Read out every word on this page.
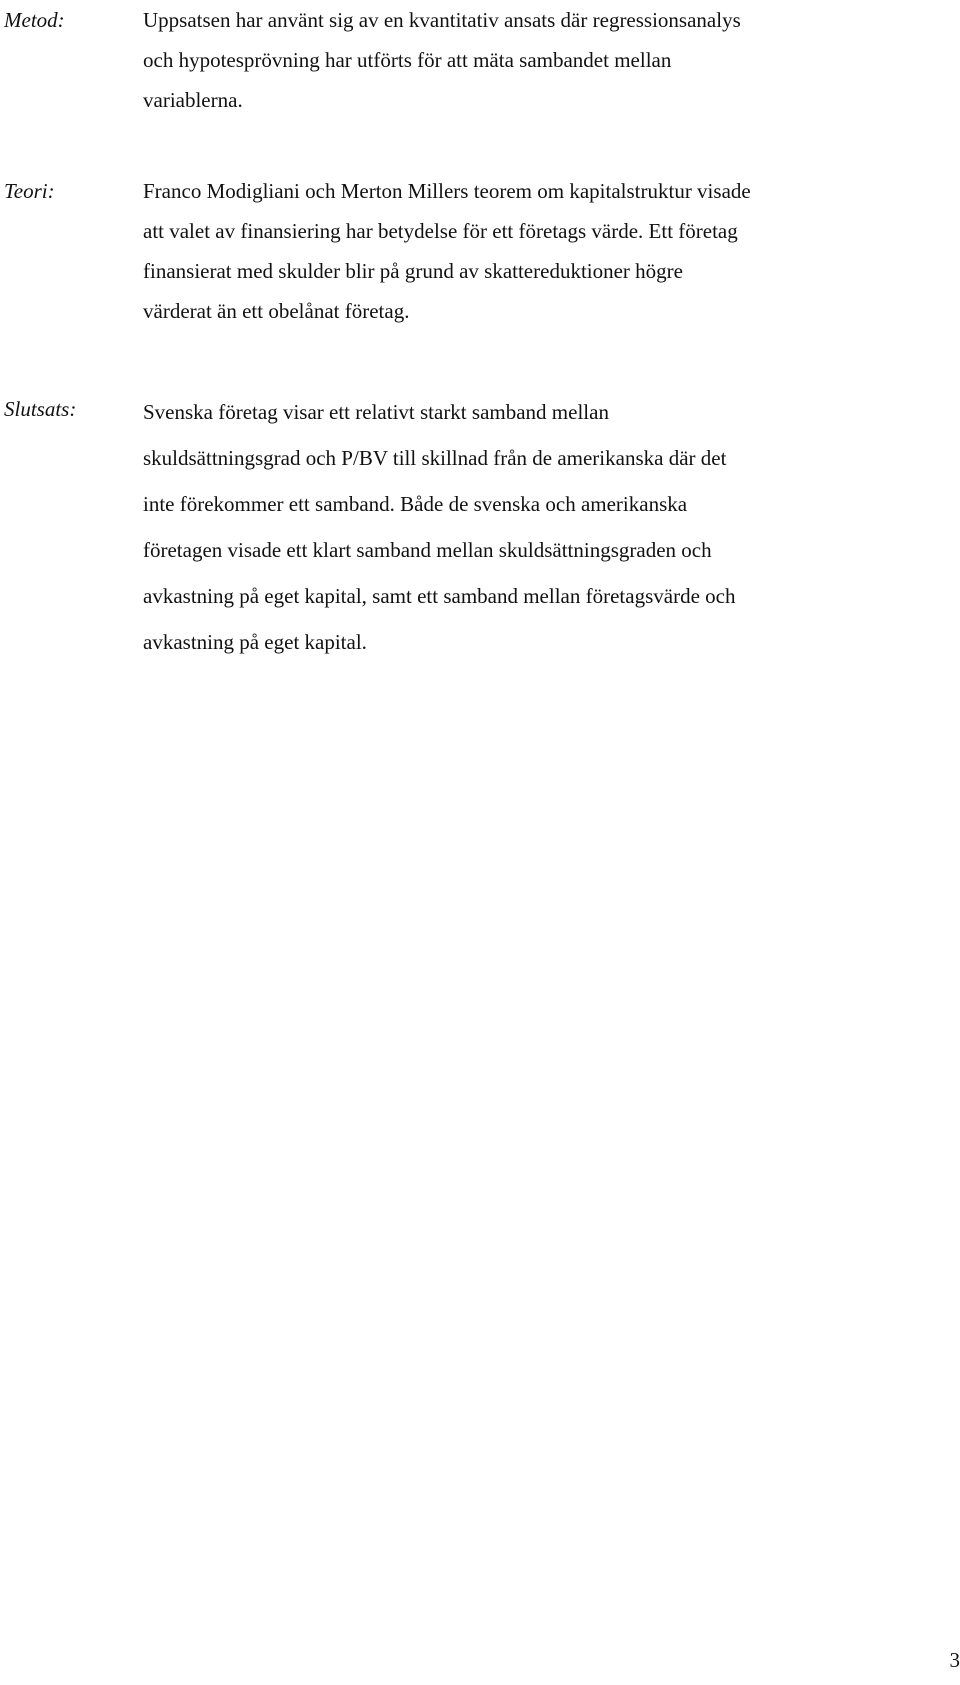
Metod:	Uppsatsen har använt sig av en kvantitativ ansats där regressionsanalys
och hypotesprövning har utförts för att mäta sambandet mellan
variablerna.
Teori:	Franco Modigliani och Merton Millers teorem om kapitalstruktur visade
att valet av finansiering har betydelse för ett företags värde. Ett företag
finansierat med skulder blir på grund av skattereduktioner högre
värderat än ett obelånat företag.
Slutsats:	Svenska företag visar ett relativt starkt samband mellan
skuldsättningsgrad och P/BV till skillnad från de amerikanska där det
inte förekommer ett samband. Både de svenska och amerikanska
företagen visade ett klart samband mellan skuldsättningsgraden och
avkastning på eget kapital, samt ett samband mellan företagsvärde och
avkastning på eget kapital.
3
